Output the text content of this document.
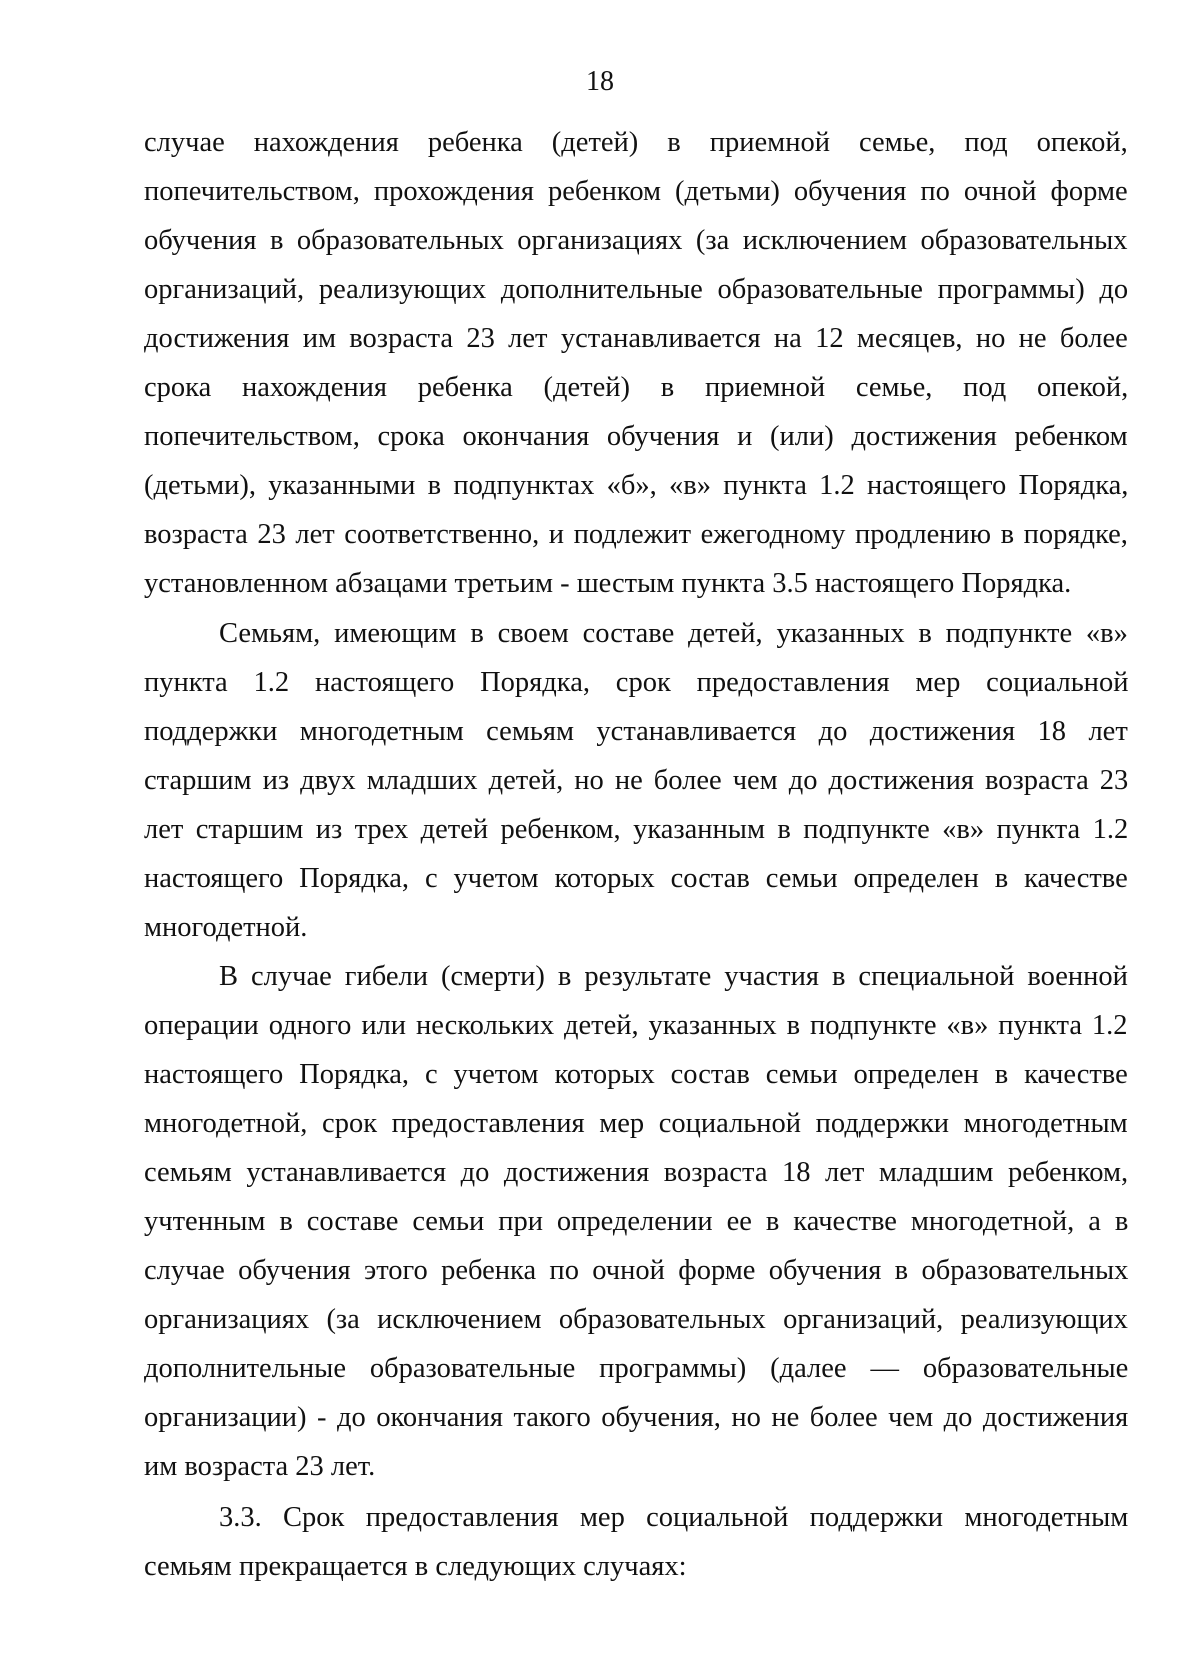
18
случае нахождения ребенка (детей) в приемной семье, под опекой,
попечительством, прохождения ребенком (детьми) обучения по очной форме
обучения в образовательных организациях (за исключением образовательных
организаций, реализующих дополнительные образовательные программы) до
достижения им возраста 23 лет устанавливается на 12 месяцев, но не более
срока нахождения ребенка (детей) в приемной семье, под опекой,
попечительством, срока окончания обучения и (или) достижения ребенком
(детьми), указанными в подпунктах «б», «в» пункта 1.2 настоящего Порядка,
возраста 23 лет соответственно, и подлежит ежегодному продлению в порядке,
установленном абзацами третьим - шестым пункта 3.5 настоящего Порядка.
Семьям, имеющим в своем составе детей, указанных в подпункте «в»
пункта 1.2 настоящего Порядка, срок предоставления мер социальной
поддержки многодетным семьям устанавливается до достижения 18 лет
старшим из двух младших детей, но не более чем до достижения возраста 23
лет старшим из трех детей ребенком, указанным в подпункте «в» пункта 1.2
настоящего Порядка, с учетом которых состав семьи определен в качестве
многодетной.
В случае гибели (смерти) в результате участия в специальной военной
операции одного или нескольких детей, указанных в подпункте «в» пункта 1.2
настоящего Порядка, с учетом которых состав семьи определен в качестве
многодетной, срок предоставления мер социальной поддержки многодетным
семьям устанавливается до достижения возраста 18 лет младшим ребенком,
учтенным в составе семьи при определении ее в качестве многодетной, а в
случае обучения этого ребенка по очной форме обучения в образовательных
организациях (за исключением образовательных организаций, реализующих
дополнительные образовательные программы) (далее — образовательные
организации) - до окончания такого обучения, но не более чем до достижения
им возраста 23 лет.
3.3. Срок предоставления мер социальной поддержки многодетным
семьям прекращается в следующих случаях:
